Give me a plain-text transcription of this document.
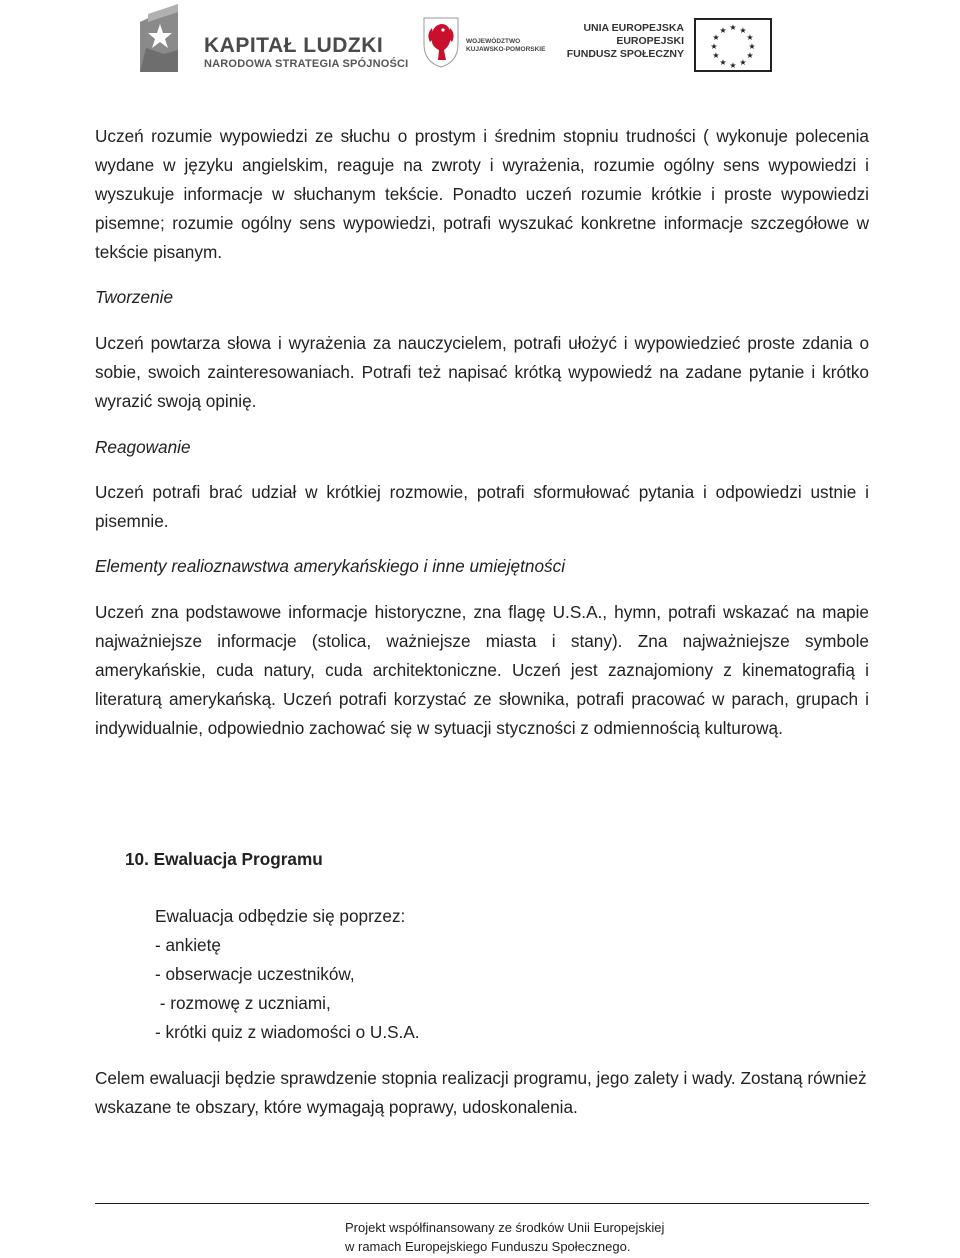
KAPITAŁ LUDZKI
NARODOWA STRATEGIA SPÓJNOŚCI
WOJEWÓDZTWO
KUJAWSKO-POMORSKIE
UNIA EUROPEJSKA
EUROPEJSKI
FUNDUSZ SPOŁECZNY
★ ★
★
★
★
★
★
★
★
★
★
★

Uczeń rozumie wypowiedzi ze słuchu o prostym i średnim stopniu trudności ( wykonuje polecenia wydane w języku angielskim, reaguje na zwroty i wyrażenia, rozumie ogólny sens wypowiedzi i wyszukuje informacje w słuchanym tekście. Ponadto uczeń rozumie krótkie i proste wypowiedzi pisemne; rozumie ogólny sens wypowiedzi, potrafi wyszukać konkretne informacje szczegółowe w tekście pisanym.

Tworzenie

Uczeń powtarza słowa i wyrażenia za nauczycielem, potrafi ułożyć i wypowiedzieć proste zdania o sobie, swoich zainteresowaniach. Potrafi też napisać krótką wypowiedź na zadane pytanie i krótko wyrazić swoją opinię.

Reagowanie

Uczeń potrafi brać udział w krótkiej rozmowie, potrafi sformułować pytania i odpowiedzi ustnie i pisemnie.

Elementy realioznawstwa amerykańskiego i inne umiejętności

Uczeń zna podstawowe informacje historyczne, zna flagę U.S.A., hymn, potrafi wskazać na mapie najważniejsze informacje (stolica, ważniejsze miasta i stany). Zna najważniejsze symbole amerykańskie, cuda natury, cuda architektoniczne. Uczeń jest zaznajomiony z kinematografią i literaturą amerykańską. Uczeń potrafi korzystać ze słownika, potrafi pracować w parach, grupach i indywidualnie, odpowiednio zachować się w sytuacji styczności z odmiennością kulturową.

10. Ewaluacja Programu

Ewaluacja odbędzie się poprzez:
- ankietę
- obserwacje uczestników,
- rozmowę z uczniami,
- krótki quiz z wiadomości o U.S.A.

Celem ewaluacji będzie sprawdzenie stopnia realizacji programu, jego zalety i wady. Zostaną również wskazane te obszary, które wymagają poprawy, udoskonalenia.

Projekt współfinansowany ze środków Unii Europejskiej
w ramach Europejskiego Funduszu Społecznego.
